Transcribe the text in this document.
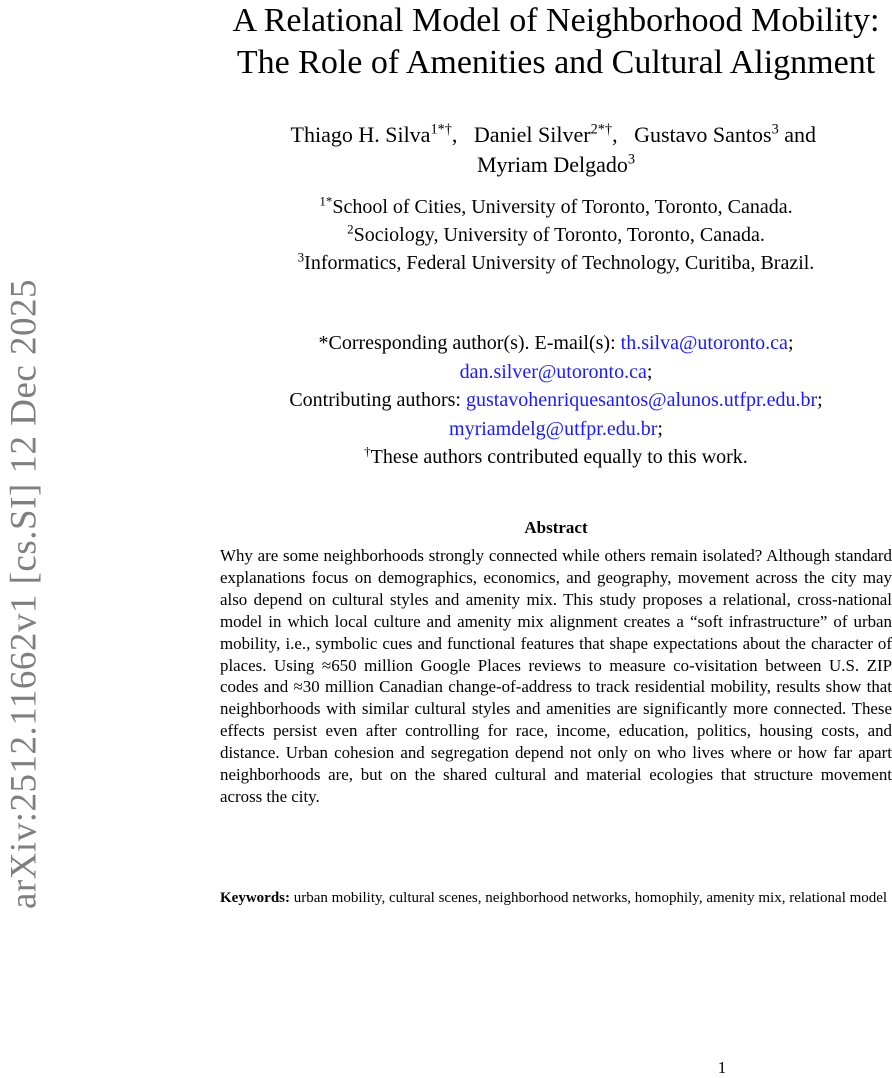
arXiv:2512.11662v1 [cs.SI] 12 Dec 2025
A Relational Model of Neighborhood Mobility:
The Role of Amenities and Cultural Alignment
Thiago H. Silva$^{1*\dagger}$,   Daniel Silver$^{2*\dagger}$,   Gustavo Santos$^3$ and
Myriam Delgado$^3$
$^{1*}$School of Cities, University of Toronto, Toronto, Canada.
$^2$Sociology, University of Toronto, Toronto, Canada.
$^3$Informatics, Federal University of Technology, Curitiba, Brazil.
*Corresponding author(s). E-mail(s): th.silva@utoronto.ca;
dan.silver@utoronto.ca;
Contributing authors: gustavohenriquesantos@alunos.utfpr.edu.br;
myriamdelg@utfpr.edu.br;
†These authors contributed equally to this work.
Abstract
Why are some neighborhoods strongly connected while others remain isolated? Although standard explanations focus on demographics, economics, and geography, movement across the city may also depend on cultural styles and amenity mix. This study proposes a relational, cross-national model in which local culture and amenity mix alignment creates a “soft infrastructure” of urban mobility, i.e., symbolic cues and functional features that shape expectations about the character of places. Using ≈650 million Google Places reviews to measure co-visitation between U.S. ZIP codes and ≈30 million Canadian change-of-address to track residential mobility, results show that neighborhoods with similar cultural styles and amenities are significantly more connected. These effects persist even after controlling for race, income, education, politics, housing costs, and distance. Urban cohesion and segregation depend not only on who lives where or how far apart neighborhoods are, but on the shared cultural and material ecologies that structure movement across the city.
Keywords: urban mobility, cultural scenes, neighborhood networks, homophily, amenity mix, relational model
1
